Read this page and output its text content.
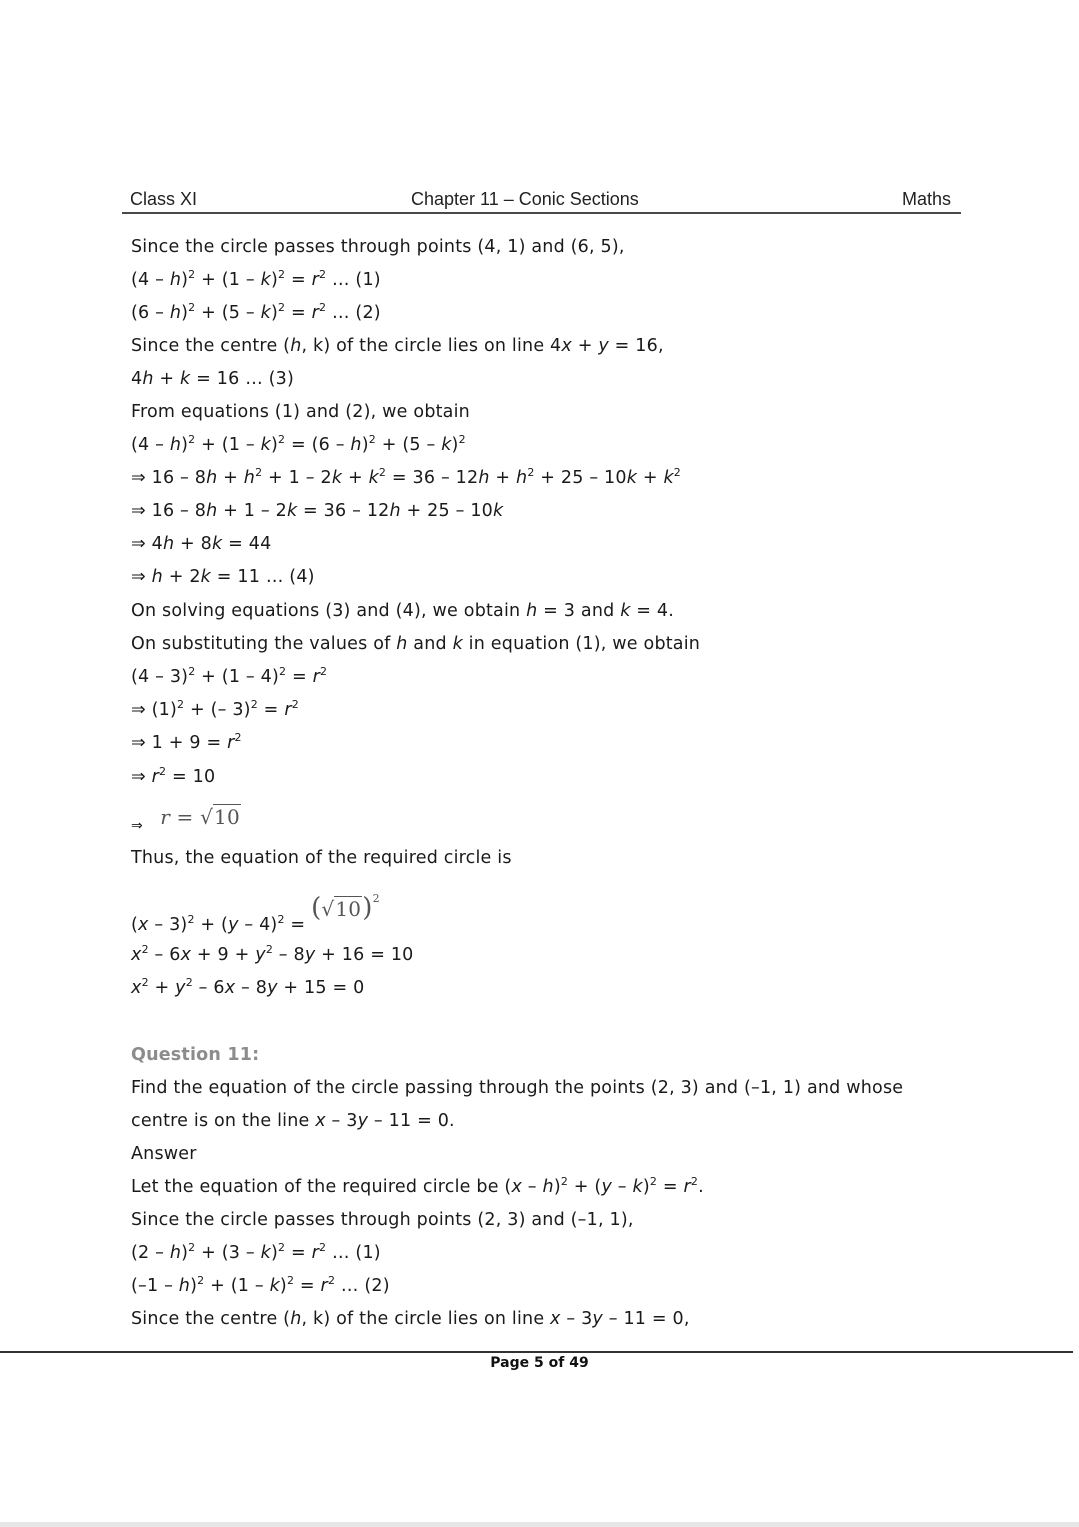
Class XI	Chapter 11 – Conic Sections	Maths
Since the circle passes through points (4, 1) and (6, 5),
$(4 - h)^2 + (1 - k)^2 = r^2$ … (1)
$(6 - h)^2 + (5 - k)^2 = r^2$ … (2)
Since the centre (h, k) of the circle lies on line 4x + y = 16,
4h + k = 16 … (3)
From equations (1) and (2), we obtain
(4 – h)$^2$ + (1 – k)$^2$ = (6 – h)$^2$ + (5 – k)$^2$
⇒ $16 - 8h + h^2 + 1 - 2k + k^2 = 36 - 12h + h^2 + 25 - 10k + k^2$
⇒ 16 – 8h + 1 – 2k = 36 – 12h + 25 – 10k
⇒ 4h + 8k = 44
⇒ h + 2k = 11 … (4)
On solving equations (3) and (4), we obtain h = 3 and k = 4.
On substituting the values of h and k in equation (1), we obtain
$(4 - 3)^2 + (1 - 4)^2 = r^2$
⇒ $(1)^2$ + (– $3)^2 = r^2$
⇒ $1 + 9 = r^2$
⇒ $r^2 = 10$
$_\Rightarrow$ r = √10
Thus, the equation of the required circle is
$(x - 3)^2 + (y - 4)^2 = (√10)^2$
$x^2 - 6x + 9 + y^2 - 8y + 16 = 10$
$x^2 + y^2 - 6x - 8y + 15 = 0$
Question 11:
Find the equation of the circle passing through the points (2, 3) and (–1, 1) and whose
centre is on the line x – 3y – 11 = 0.
Answer
Let the equation of the required circle be $(x - h)^2 + (y - k)^2 = r^2$.
Since the circle passes through points (2, 3) and (–1, 1),
$(2 - h)^2 + (3 - k)^2 = r^2$ … (1)
$(-1 - h)^2 + (1 - k)^2 = r^2$ … (2)
Since the centre (h, k) of the circle lies on line x – 3y – 11 = 0,
Page 5 of 49
